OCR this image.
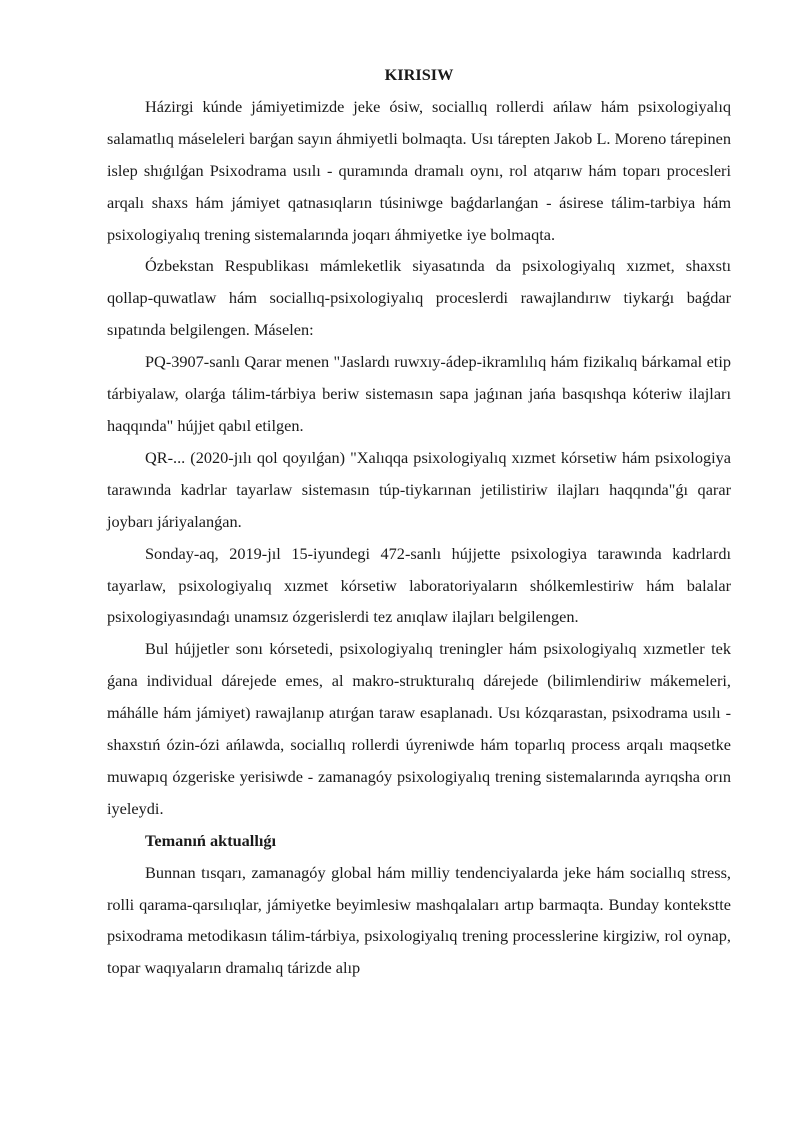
KIRISIW

Házirgi kúnde jámiyetimizde jeke ósiw, sociallıq rollerdi ańlaw hám psixologiyalıq salamatlıq máseleleri barǵan sayın áhmiyetli bolmaqta. Usı tárepten Jakob L. Moreno tárepinen islep shıǵılǵan Psixodrama usılı - quramında dramalı oynı, rol atqarıw hám toparı procesleri arqalı shaxs hám jámiyet qatnasıqların túsiniwge baǵdarlanǵan - ásirese tálim-tarbiya hám psixologiyalıq trening sistemalarında joqarı áhmiyetke iye bolmaqta.

Ózbekstan Respublikası mámleketlik siyasatında da psixologiyalıq xızmet, shaxstı qollap-quwatlaw hám sociallıq-psixologiyalıq proceslerdi rawajlandırıw tiykarǵı baǵdar sıpatında belgilengen. Máselen:

PQ-3907-sanlı Qarar menen "Jaslardı ruwxıy-ádep-ikramlılıq hám fizikalıq bárkamal etip tárbiyalaw, olarǵa tálim-tárbiya beriw sistemasın sapa jaǵınan jańa basqıshqa kóteriw ilajları haqqında" hújjet qabıl etilgen.

QR-... (2020-jılı qol qoyılǵan) "Xalıqqa psixologiyalıq xızmet kórsetiw hám psixologiya tarawında kadrlar tayarlaw sistemasın túp-tiykarınan jetilistiriw ilajları haqqında"ǵı qarar joybarı járiyalanǵan.

Sonday-aq, 2019-jıl 15-iyundegi 472-sanlı hújjette psixologiya tarawında kadrlardı tayarlaw, psixologiyalıq xızmet kórsetiw laboratoriyaların shólkemlestiriw hám balalar psixologiyasındaǵı unamsız ózgerislerdi tez anıqlaw ilajları belgilengen.

Bul hújjetler sonı kórsetedi, psixologiyalıq treningler hám psixologiyalıq xızmetler tek ǵana individual dárejede emes, al makro-strukturalıq dárejede (bilimlendiriw mákemeleri, máhálle hám jámiyet) rawajlanıp atırǵan taraw esaplanadı. Usı kózqarastan, psixodrama usılı - shaxstıń ózin-ózi ańlawda, sociallıq rollerdi úyreniwde hám toparlıq process arqalı maqsetke muwapıq ózgeriske yerisiwde - zamanagóy psixologiyalıq trening sistemalarında ayrıqsha orın iyeleydi.

Temanıń aktuallıǵı

Bunnan tısqarı, zamanagóy global hám milliy tendenciyalarda jeke hám sociallıq stress, rolli qarama-qarsılıqlar, jámiyetke beyimlesiw mashqalaları artıp barmaqta. Bunday kontekstte psixodrama metodikasın tálim-tárbiya, psixologiyalıq trening processlerine kirgiziw, rol oynap, topar waqıyaların dramalıq tárizde alıp
